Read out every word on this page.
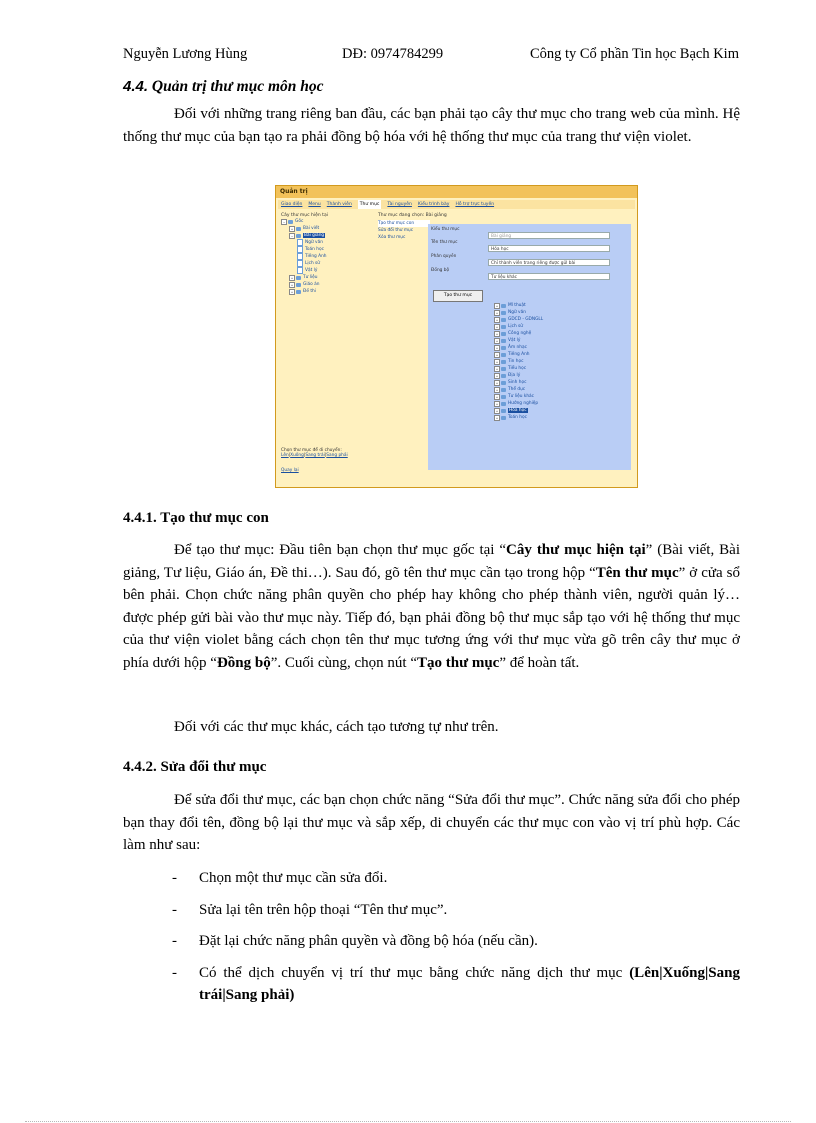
Nguyễn Lương Hùng	DĐ: 0974784299	Công ty Cổ phần Tin học Bạch Kim
4.4. Quản trị thư mục môn học

Đối với những trang riêng ban đầu, các bạn phải tạo cây thư mục cho trang web của mình. Hệ thống thư mục của bạn tạo ra phải đồng bộ hóa với hệ thống thư mục của trang thư viện violet.

Quản trị
Giao diện Menu Thành viên Thư mục Tài nguyên Kiểu trình bày Hỗ trợ trực tuyến
Cây thư mục hiện tại
−	Gốc
+	Bài viết
−	Bài giảng
Ngữ văn
Toán học
Tiếng Anh
Lịch sử
Vật lý
+	Tư liệu
+	Giáo án
+	Đề thi
Thư mục đang chọn: Bài giảng
Tạo thư mục con
Sửa đổi thư mục
Xóa thư mục
Kiểu thư mục
Bài giảng
Tên thư mục
Hóa học
Phân quyền
Chỉ thành viên trang riêng được gửi bài
Đồng bộ
Tư liệu khác
Tạo thư mục
+	Mĩ thuật
+	Ngữ văn
+	GDCD - GDNGLL
+	Lịch sử
+	Công nghệ
+	Vật lý
+	Âm nhạc
+	Tiếng Anh
+	Tin học
+	Tiểu học
+	Địa lý
+	Sinh học
+	Thể dục
+	Tư liệu khác
+	Hướng nghiệp
+	Hóa học
+	Toán học
Chọn thư mục để di chuyển:
Lên|Xuống|Sang trái|Sang phải
Quay lại
4.4.1. Tạo thư mục con

Để tạo thư mục: Đầu tiên bạn chọn thư mục gốc tại “Cây thư mục hiện tại” (Bài viết, Bài giảng, Tư liệu, Giáo án, Đề thi…). Sau đó, gõ tên thư mục cần tạo trong hộp “Tên thư mục” ở cửa sổ bên phải. Chọn chức năng phân quyền cho phép hay không cho phép thành viên, người quản lý… được phép gửi bài vào thư mục này. Tiếp đó, bạn phải đồng bộ thư mục sắp tạo với hệ thống thư mục của thư viện violet bằng cách chọn tên thư mục tương ứng với thư mục vừa gõ trên cây thư mục ở phía dưới hộp “Đồng bộ”. Cuối cùng, chọn nút “Tạo thư mục” để hoàn tất.

Đối với các thư mục khác, cách tạo tương tự như trên.

4.4.2. Sửa đổi thư mục

Để sửa đổi thư mục, các bạn chọn chức năng “Sửa đổi thư mục”. Chức năng sửa đổi cho phép bạn thay đổi tên, đồng bộ lại thư mục và sắp xếp, di chuyển các thư mục con vào vị trí phù hợp. Các làm như sau:

- Chọn một thư mục cần sửa đổi.
- Sửa lại tên trên hộp thoại “Tên thư mục”.
- Đặt lại chức năng phân quyền và đồng bộ hóa (nếu cần).
- Có thể dịch chuyển vị trí thư mục bằng chức năng dịch thư mục (Lên|Xuống|Sang trái|Sang phải)
